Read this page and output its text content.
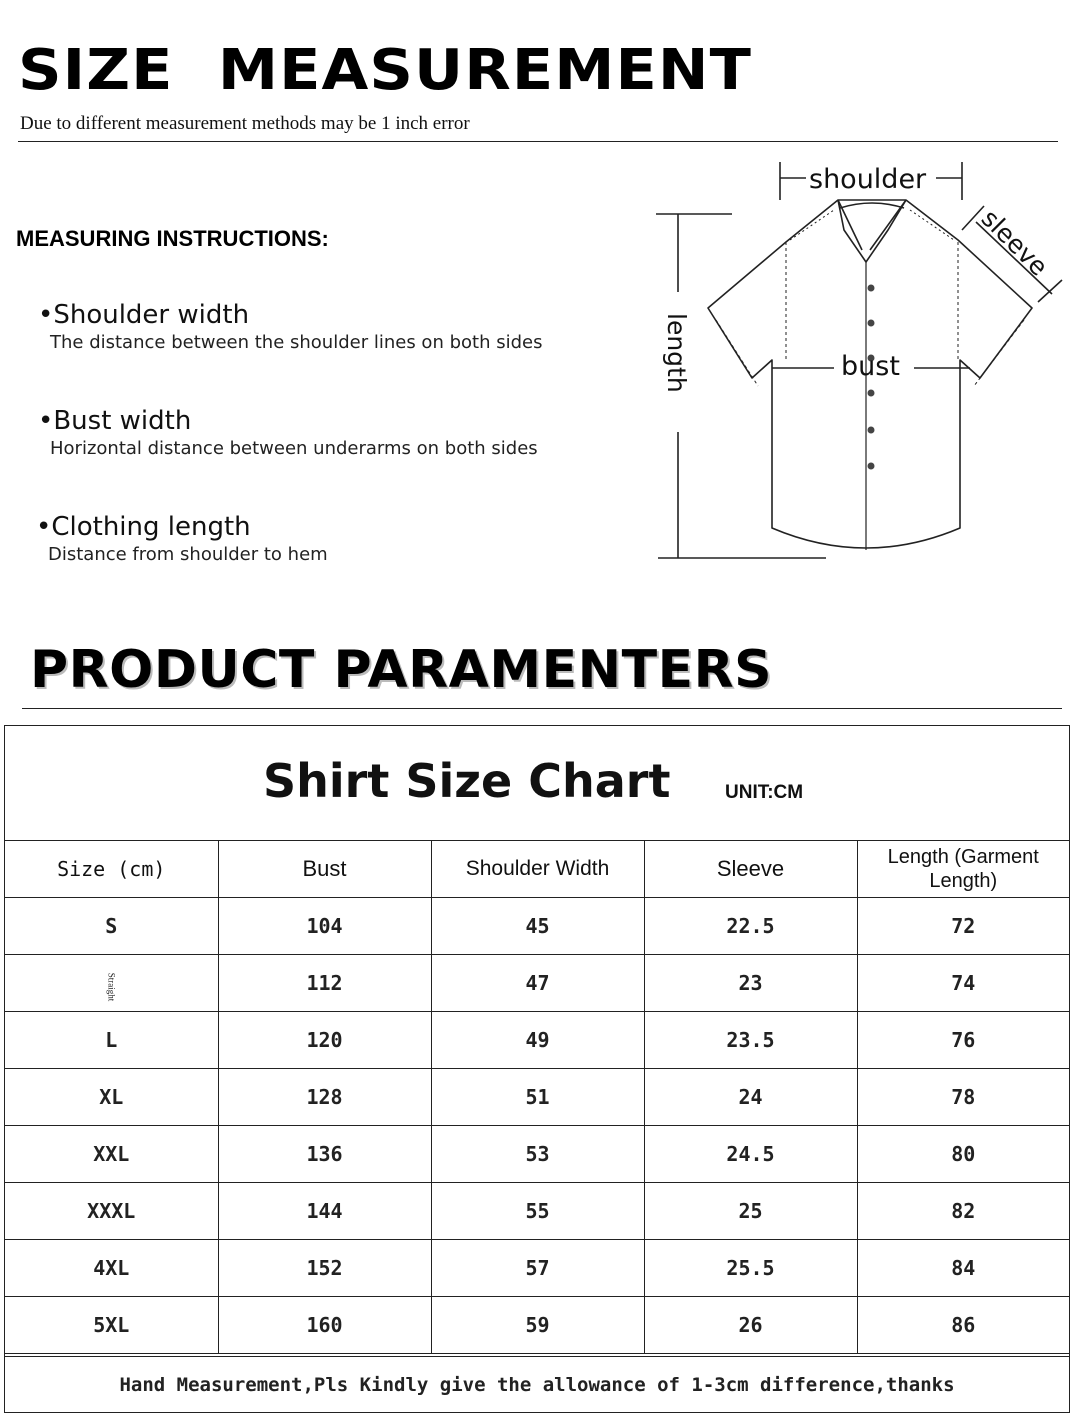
SIZE  MEASUREMENT
Due to different measurement methods may be 1 inch error
MEASURING INSTRUCTIONS:
•Shoulder width
The distance between the shoulder lines on both sides
•Bust width
Horizontal distance between underarms on both sides
•Clothing length
Distance from shoulder to hem
shoulder
sleeve
length	bust
PRODUCT PARAMENTERS
Shirt Size Chart	UNIT:CM
Size (cm)	Bust	Shoulder Width	Sleeve	Length (Garment
Length)

S	104	45	22.5	72
Straight	112	47	23	74
L	120	49	23.5	76
XL	128	51	24	78
XXL	136	53	24.5	80
XXXL	144	55	25	82
4XL	152	57	25.5	84
5XL	160	59	26	86
Hand Measurement,Pls Kindly give the allowance of 1-3cm difference,thanks
